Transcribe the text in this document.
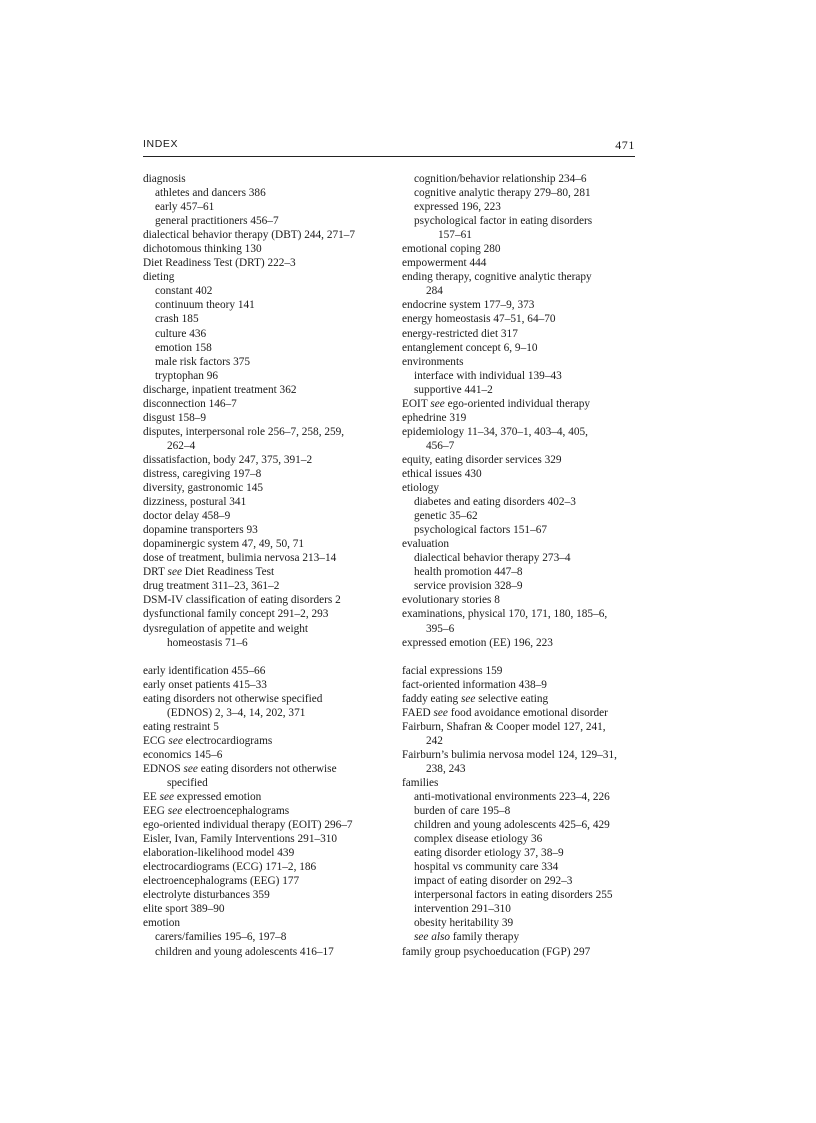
INDEX	471
diagnosis
athletes and dancers 386
early 457–61
general practitioners 456–7
dialectical behavior therapy (DBT) 244, 271–7
dichotomous thinking 130
Diet Readiness Test (DRT) 222–3
dieting
constant 402
continuum theory 141
crash 185
culture 436
emotion 158
male risk factors 375
tryptophan 96
discharge, inpatient treatment 362
disconnection 146–7
disgust 158–9
disputes, interpersonal role 256–7, 258, 259,
262–4
dissatisfaction, body 247, 375, 391–2
distress, caregiving 197–8
diversity, gastronomic 145
dizziness, postural 341
doctor delay 458–9
dopamine transporters 93
dopaminergic system 47, 49, 50, 71
dose of treatment, bulimia nervosa 213–14
DRT see Diet Readiness Test
drug treatment 311–23, 361–2
DSM-IV classification of eating disorders 2
dysfunctional family concept 291–2, 293
dysregulation of appetite and weight
homeostasis 71–6
early identification 455–66
early onset patients 415–33
eating disorders not otherwise specified
(EDNOS) 2, 3–4, 14, 202, 371
eating restraint 5
ECG see electrocardiograms
economics 145–6
EDNOS see eating disorders not otherwise
specified
EE see expressed emotion
EEG see electroencephalograms
ego-oriented individual therapy (EOIT) 296–7
Eisler, Ivan, Family Interventions 291–310
elaboration-likelihood model 439
electrocardiograms (ECG) 171–2, 186
electroencephalograms (EEG) 177
electrolyte disturbances 359
elite sport 389–90
emotion
carers/families 195–6, 197–8
children and young adolescents 416–17
cognition/behavior relationship 234–6
cognitive analytic therapy 279–80, 281
expressed 196, 223
psychological factor in eating disorders
157–61
emotional coping 280
empowerment 444
ending therapy, cognitive analytic therapy
284
endocrine system 177–9, 373
energy homeostasis 47–51, 64–70
energy-restricted diet 317
entanglement concept 6, 9–10
environments
interface with individual 139–43
supportive 441–2
EOIT see ego-oriented individual therapy
ephedrine 319
epidemiology 11–34, 370–1, 403–4, 405,
456–7
equity, eating disorder services 329
ethical issues 430
etiology
diabetes and eating disorders 402–3
genetic 35–62
psychological factors 151–67
evaluation
dialectical behavior therapy 273–4
health promotion 447–8
service provision 328–9
evolutionary stories 8
examinations, physical 170, 171, 180, 185–6,
395–6
expressed emotion (EE) 196, 223
facial expressions 159
fact-oriented information 438–9
faddy eating see selective eating
FAED see food avoidance emotional disorder
Fairburn, Shafran & Cooper model 127, 241,
242
Fairburn’s bulimia nervosa model 124, 129–31,
238, 243
families
anti-motivational environments 223–4, 226
burden of care 195–8
children and young adolescents 425–6, 429
complex disease etiology 36
eating disorder etiology 37, 38–9
hospital vs community care 334
impact of eating disorder on 292–3
interpersonal factors in eating disorders 255
intervention 291–310
obesity heritability 39
see also family therapy
family group psychoeducation (FGP) 297
